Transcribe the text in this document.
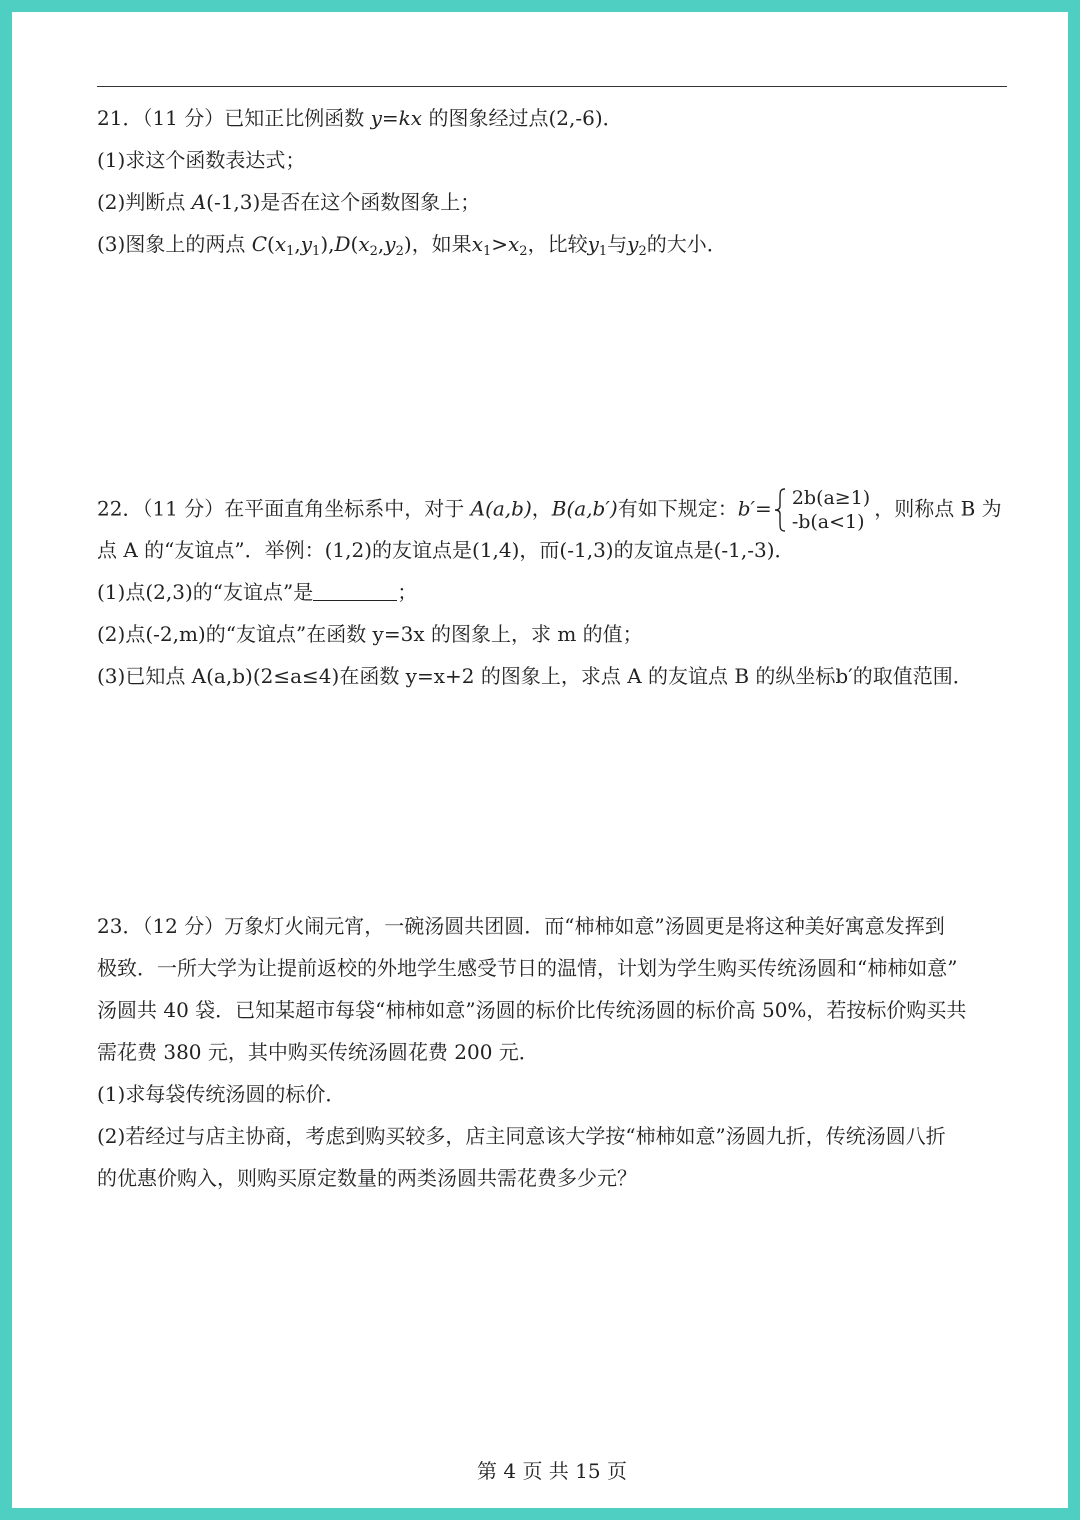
21．（11 分）已知正比例函数 y=kx 的图象经过点(2,-6)．

(1)求这个函数表达式；

(2)判断点 A(-1,3)是否在这个函数图象上；

(3)图象上的两点 $C(x_1,y_1),D(x_2,y_2)$，如果$x_1>x_2$，比较$y_1$与$y_2$的大小．

22．（11 分）在平面直角坐标系中，对于 A(a,b)，B(a,b′)有如下规定：b′= 2b(a≥1)
-b(a<1)
，则称点 B 为

点 A 的“友谊点”．举例：(1,2)的友谊点是(1,4)，而(-1,3)的友谊点是(-1,-3)．

(1)点(2,3)的“友谊点”是	；

(2)点(-2,m)的“友谊点”在函数 y=3x 的图象上，求 m 的值；

(3)已知点 A(a,b)(2≤a≤4)在函数 y=x+2 的图象上，求点 A 的友谊点 B 的纵坐标b′的取值范围．

23．（12 分）万象灯火闹元宵，一碗汤圆共团圆．而“柿柿如意”汤圆更是将这种美好寓意发挥到

极致．一所大学为让提前返校的外地学生感受节日的温情，计划为学生购买传统汤圆和“柿柿如意”

汤圆共 40 袋．已知某超市每袋“柿柿如意”汤圆的标价比传统汤圆的标价高 50%，若按标价购买共

需花费 380 元，其中购买传统汤圆花费 200 元．

(1)求每袋传统汤圆的标价．

(2)若经过与店主协商，考虑到购买较多，店主同意该大学按“柿柿如意”汤圆九折，传统汤圆八折

的优惠价购入，则购买原定数量的两类汤圆共需花费多少元？

第 4 页 共 15 页
